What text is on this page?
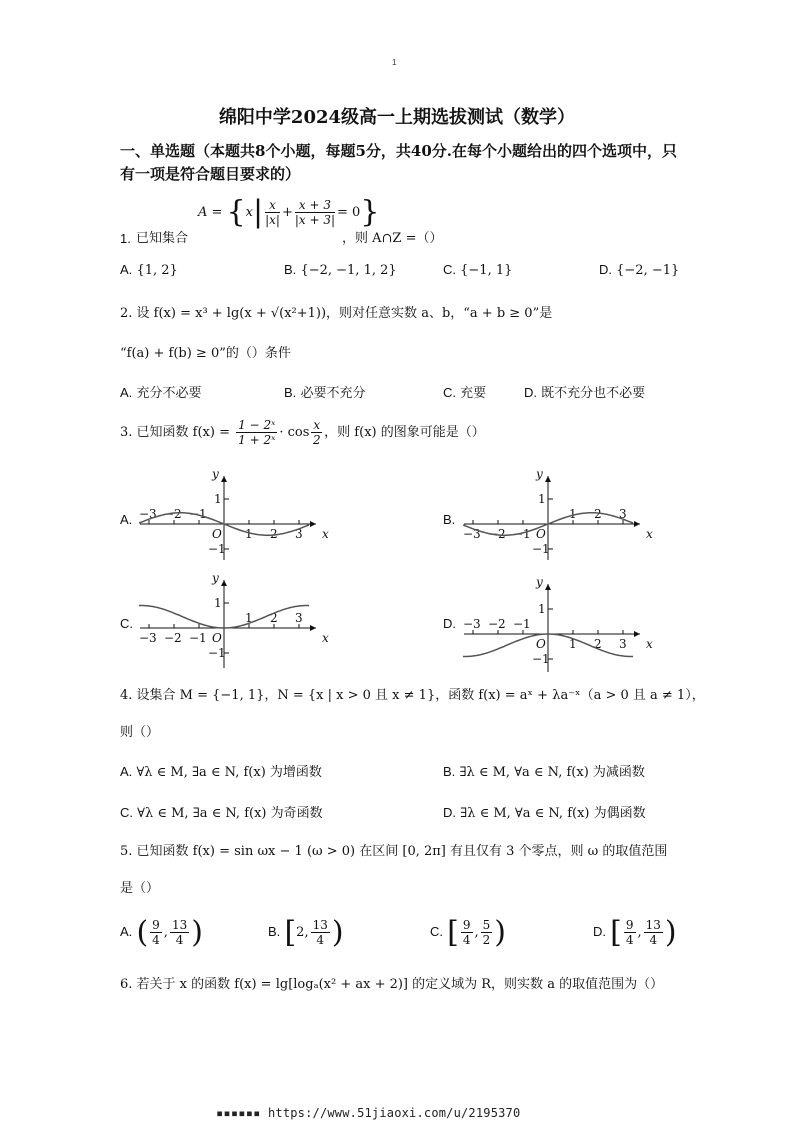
1
绵阳中学2024级高一上期选拔测试（数学）
一、单选题（本题共8个小题，每题5分，共40分.在每个小题给出的四个选项中，只有一项是符合题目要求的）
$A = \{x| \frac{x}{|x|} + \frac{x + 3}{|x + 3|} = 0\}$
1. 已知集合	，则 A∩Z =（）
A. {1, 2}	B. {−2, −1, 1, 2}	C. {−1, 1}	D. {−2, −1}
2. 设 f(x) = x³ + lg(x + √(x²+1))，则对任意实数 a、b，“a + b ≥ 0”是
“f(a) + f(b) ≥ 0”的（）条件
A. 充分不必要	B. 必要不充分	C. 充要	D. 既不充分也不必要
3. 已知函数 $f(x) = \frac{\text{1 − 2ˣ}}{\text{1 + 2ˣ}} \cdot \cos \frac{x}{2}$ ，则 f(x) 的图象可能是（）
A.	B.
C.	D.
x
y
1
−1
−3 −2 −1
O 1 2 3	x
y
1
−1
−3 −2 −1 O
1 2 3
x
y
1
−1
−3 −2 −1 O
1 2 3
x
y
1
−1
−3 −2 −1
O 1 2 3
4. 设集合 M = {−1, 1}，N = {x | x > 0 且 x ≠ 1}，函数 f(x) = aˣ + λa⁻ˣ（a > 0 且 a ≠ 1），
则（）
A. ∀λ ∈ M, ∃a ∈ N, f(x) 为增函数	B. ∃λ ∈ M, ∀a ∈ N, f(x) 为减函数
C. ∀λ ∈ M, ∃a ∈ N, f(x) 为奇函数	D. ∃λ ∈ M, ∀a ∈ N, f(x) 为偶函数
5. 已知函数 f(x) = sin ωx − 1 (ω > 0) 在区间 [0, 2π] 有且仅有 3 个零点，则 ω 的取值范围
是（）
A. ( $\frac{9}{4}$ , $\frac{13}{4}$ )	B. [2, $\frac{13}{4}$ )	C. [ $\frac{9}{4}$ , $\frac{5}{2}$ )	D. [ $\frac{9}{4}$ , $\frac{13}{4}$ )
6. 若关于 x 的函数 f(x) = lg[logₐ(x² + ax + 2)] 的定义域为 R，则实数 a 的取值范围为（）
▪▪▪▪▪▪ https://www.51jiaoxi.com/u/2195370
